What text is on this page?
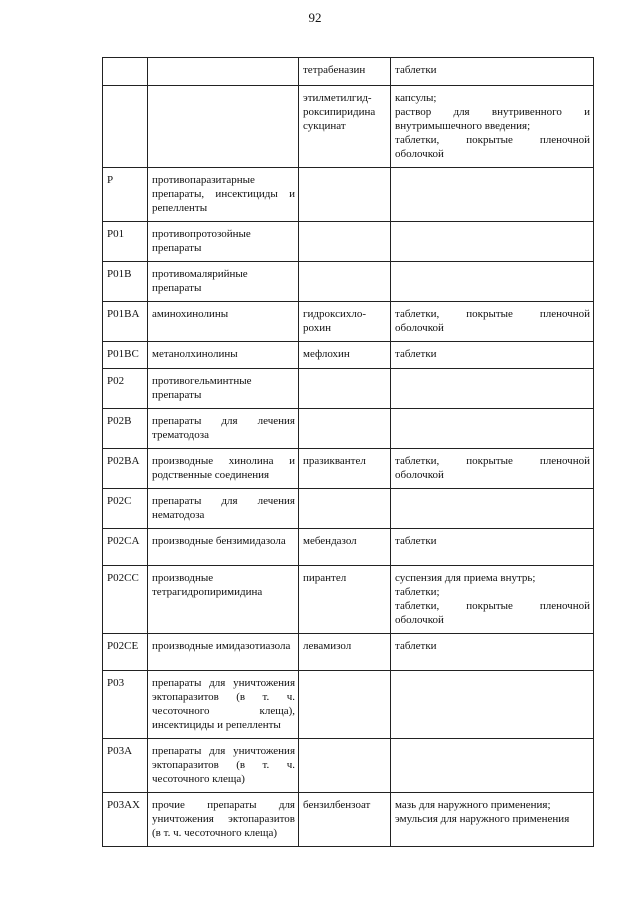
92
		тетрабеназин	таблетки

		этилметилгид-роксипиридина сукцинат	капсулы;
раствор для внутривенного и внутримышечного введения;
таблетки, покрытые пленочной оболочкой

P	противопаразитарные препараты, инсектициды и репелленты		
P01	противопротозойные препараты		
P01B	противомалярийные препараты		
P01BA	аминохинолины	гидроксихло-рохин	таблетки, покрытые пленочной оболочкой

P01BC	метанолхинолины	мефлохин	таблетки

P02	противогельминтные препараты		
P02B	препараты для лечения трематодоза		
P02BA	производные хинолина и родственные соединения	празиквантел	таблетки, покрытые пленочной оболочкой

P02C	препараты для лечения нематодоза		
P02CA	производные бензимидазола	мебендазол	таблетки

P02CC	производные тетрагидропиримидина	пирантел	суспензия для приема внутрь;
таблетки;
таблетки, покрытые пленочной оболочкой

P02CE	производные имидазотиазола	левамизол	таблетки

P03	препараты для уничтожения эктопаразитов (в т. ч. чесоточного клеща), инсектициды и репелленты		
P03A	препараты для уничтожения эктопаразитов (в т. ч. чесоточного клеща)		
P03AX	прочие препараты для уничтожения эктопаразитов (в т. ч. чесоточного клеща)	бензилбензоат	мазь для наружного применения;
эмульсия для наружного применения
